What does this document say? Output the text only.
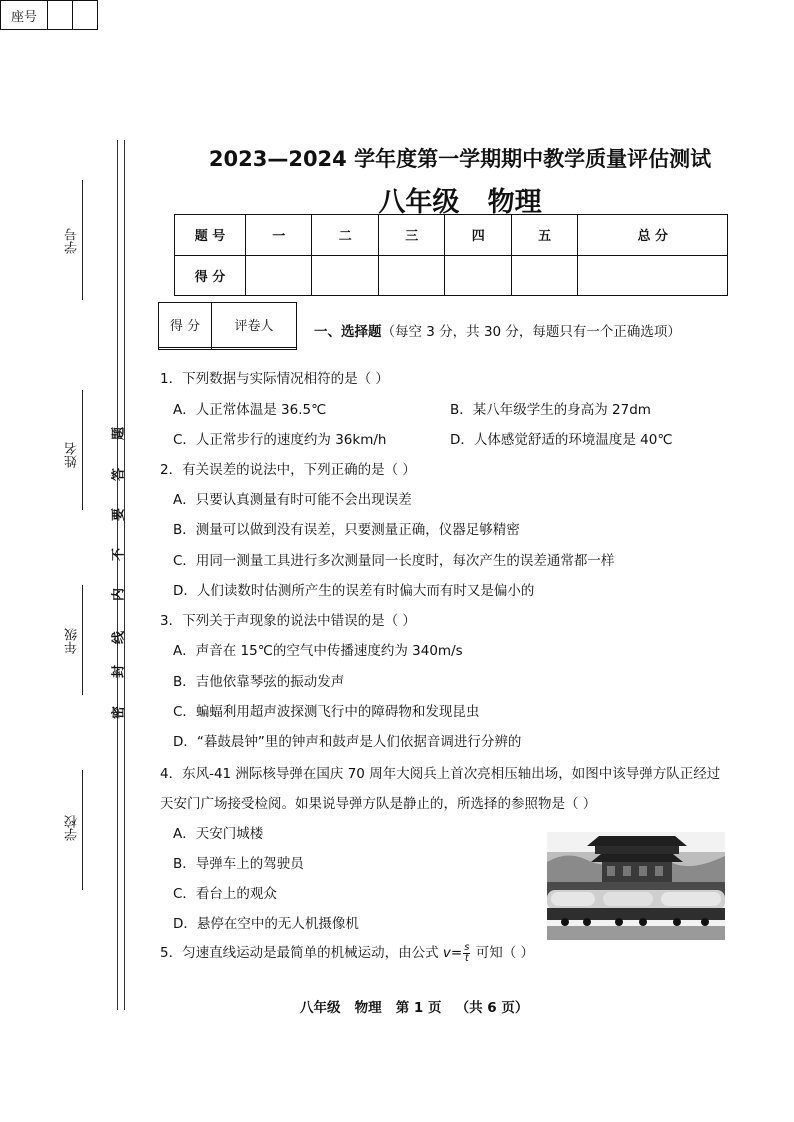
座号
2023—2024 学年度第一学期期中教学质量评估测试
八年级   物理
题 号	一	二	三	四	五	总 分
得 分						
得 分	评卷人

学号
姓名
年级
学校
密
封
线
内
不
要
答
题
一、选择题（每空 3 分，共 30 分，每题只有一个正确选项）
1．下列数据与实际情况相符的是（ ）
A．人正常体温是 36.5℃	B．某八年级学生的身高为 27dm
C．人正常步行的速度约为 36km/h	D．人体感觉舒适的环境温度是 40℃
2．有关误差的说法中，下列正确的是（ ）
A．只要认真测量有时可能不会出现误差
B．测量可以做到没有误差，只要测量正确，仪器足够精密
C．用同一测量工具进行多次测量同一长度时，每次产生的误差通常都一样
D．人们读数时估测所产生的误差有时偏大而有时又是偏小的
3．下列关于声现象的说法中错误的是（ ）
A．声音在 15℃的空气中传播速度约为 340m/s
B．吉他依靠琴弦的振动发声
C．蝙蝠利用超声波探测飞行中的障碍物和发现昆虫
D．“暮鼓晨钟”里的钟声和鼓声是人们依据音调进行分辨的
4．东风-41 洲际核导弹在国庆 70 周年大阅兵上首次亮相压轴出场，如图中该导弹方队正经过
天安门广场接受检阅。如果说导弹方队是静止的，所选择的参照物是（ ）
A．天安门城楼
B．导弹车上的驾驶员
C．看台上的观众
D．悬停在空中的无人机摄像机
5．匀速直线运动是最简单的机械运动，由公式 $v= \frac{s}{t}$ 可知（ ）
八年级   物理   第 1 页   （共 6 页）
